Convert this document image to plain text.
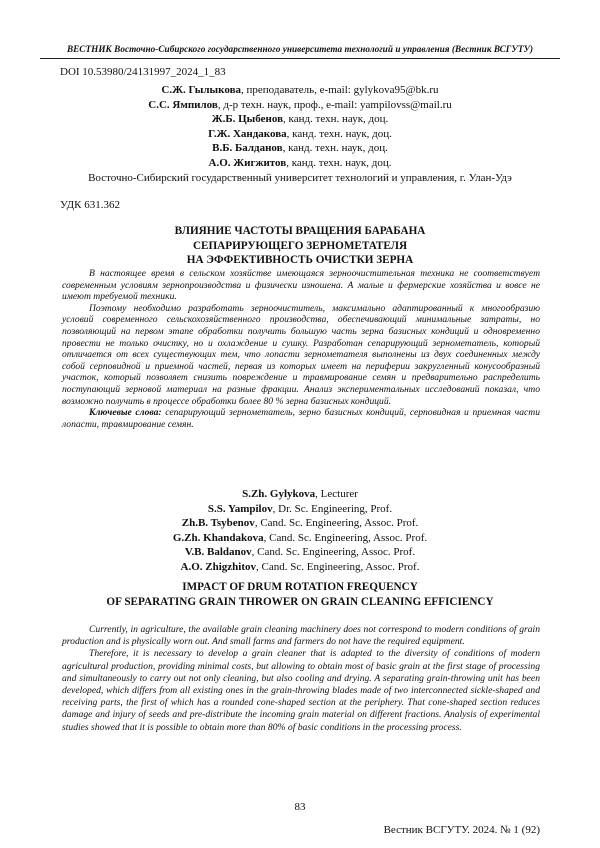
ВЕСТНИК Восточно-Сибирского государственного университета технологий и управления (Вестник ВСГУТУ)
DOI 10.53980/24131997_2024_1_83
С.Ж. Гылыкова, преподаватель, e-mail: gylykova95@bk.ru
С.С. Ямпилов, д-р техн. наук, проф., e-mail: yampilovss@mail.ru
Ж.Б. Цыбенов, канд. техн. наук, доц.
Г.Ж. Хандакова, канд. техн. наук, доц.
В.Б. Балданов, канд. техн. наук, доц.
А.О. Жигжитов, канд. техн. наук, доц.
Восточно-Сибирский государственный университет технологий и управления, г. Улан-Удэ
УДК 631.362
ВЛИЯНИЕ ЧАСТОТЫ ВРАЩЕНИЯ БАРАБАНА
СЕПАРИРУЮЩЕГО ЗЕРНОМЕТАТЕЛЯ
НА ЭФФЕКТИВНОСТЬ ОЧИСТКИ ЗЕРНА

В настоящее время в сельском хозяйстве имеющаяся зерноочистительная техника не соответствует современным условиям зернопроизводства и физически изношена. А малые и фермерские хозяйства и вовсе не имеют требуемой техники.

Поэтому необходимо разработать зерноочиститель, максимально адаптированный к многообразию условий современного сельскохозяйственного производства, обеспечивающий минимальные затраты, но позволяющий на первом этапе обработки получить большую часть зерна базисных кондиций и одновременно провести не только очистку, но и охлаждение и сушку. Разработан сепарирующий зернометатель, который отличается от всех существующих тем, что лопасти зернометателя выполнены из двух соединенных между собой серповидной и приемной частей, первая из которых имеет на периферии закругленный конусообразный участок, который позволяет снизить повреждение и травмирование семян и предварительно распределить поступающий зерновой материал на разные фракции. Анализ экспериментальных исследований показал, что возможно получить в процессе обработки более 80 % зерна базисных кондиций.

Ключевые слова: сепарирующий зернометатель, зерно базисных кондиций, серповидная и приемная части лопасти, травмирование семян.

S.Zh. Gylykova, Lecturer
S.S. Yampilov, Dr. Sc. Engineering, Prof.
Zh.B. Tsybenov, Cand. Sc. Engineering, Assoc. Prof.
G.Zh. Khandakova, Cand. Sc. Engineering, Assoc. Prof.
V.B. Baldanov, Cand. Sc. Engineering, Assoc. Prof.
A.O. Zhigzhitov, Cand. Sc. Engineering, Assoc. Prof.
IMPACT OF DRUM ROTATION FREQUENCY
OF SEPARATING GRAIN THROWER ON GRAIN CLEANING EFFICIENCY

Currently, in agriculture, the available grain cleaning machinery does not correspond to modern conditions of grain production and is physically worn out. And small farms and farmers do not have the required equipment.

Therefore, it is necessary to develop a grain cleaner that is adapted to the diversity of conditions of modern agricultural production, providing minimal costs, but allowing to obtain most of basic grain at the first stage of processing and simultaneously to carry out not only cleaning, but also cooling and drying. A separating grain-throwing unit has been developed, which differs from all existing ones in the grain-throwing blades made of two interconnected sickle-shaped and receiving parts, the first of which has a rounded cone-shaped section at the periphery. That cone-shaped section reduces damage and injury of seeds and pre-distribute the incoming grain material on different fractions. Analysis of experimental studies showed that it is possible to obtain more than 80% of basic conditions in the processing process.

83
Вестник ВСГУТУ. 2024. № 1 (92)
